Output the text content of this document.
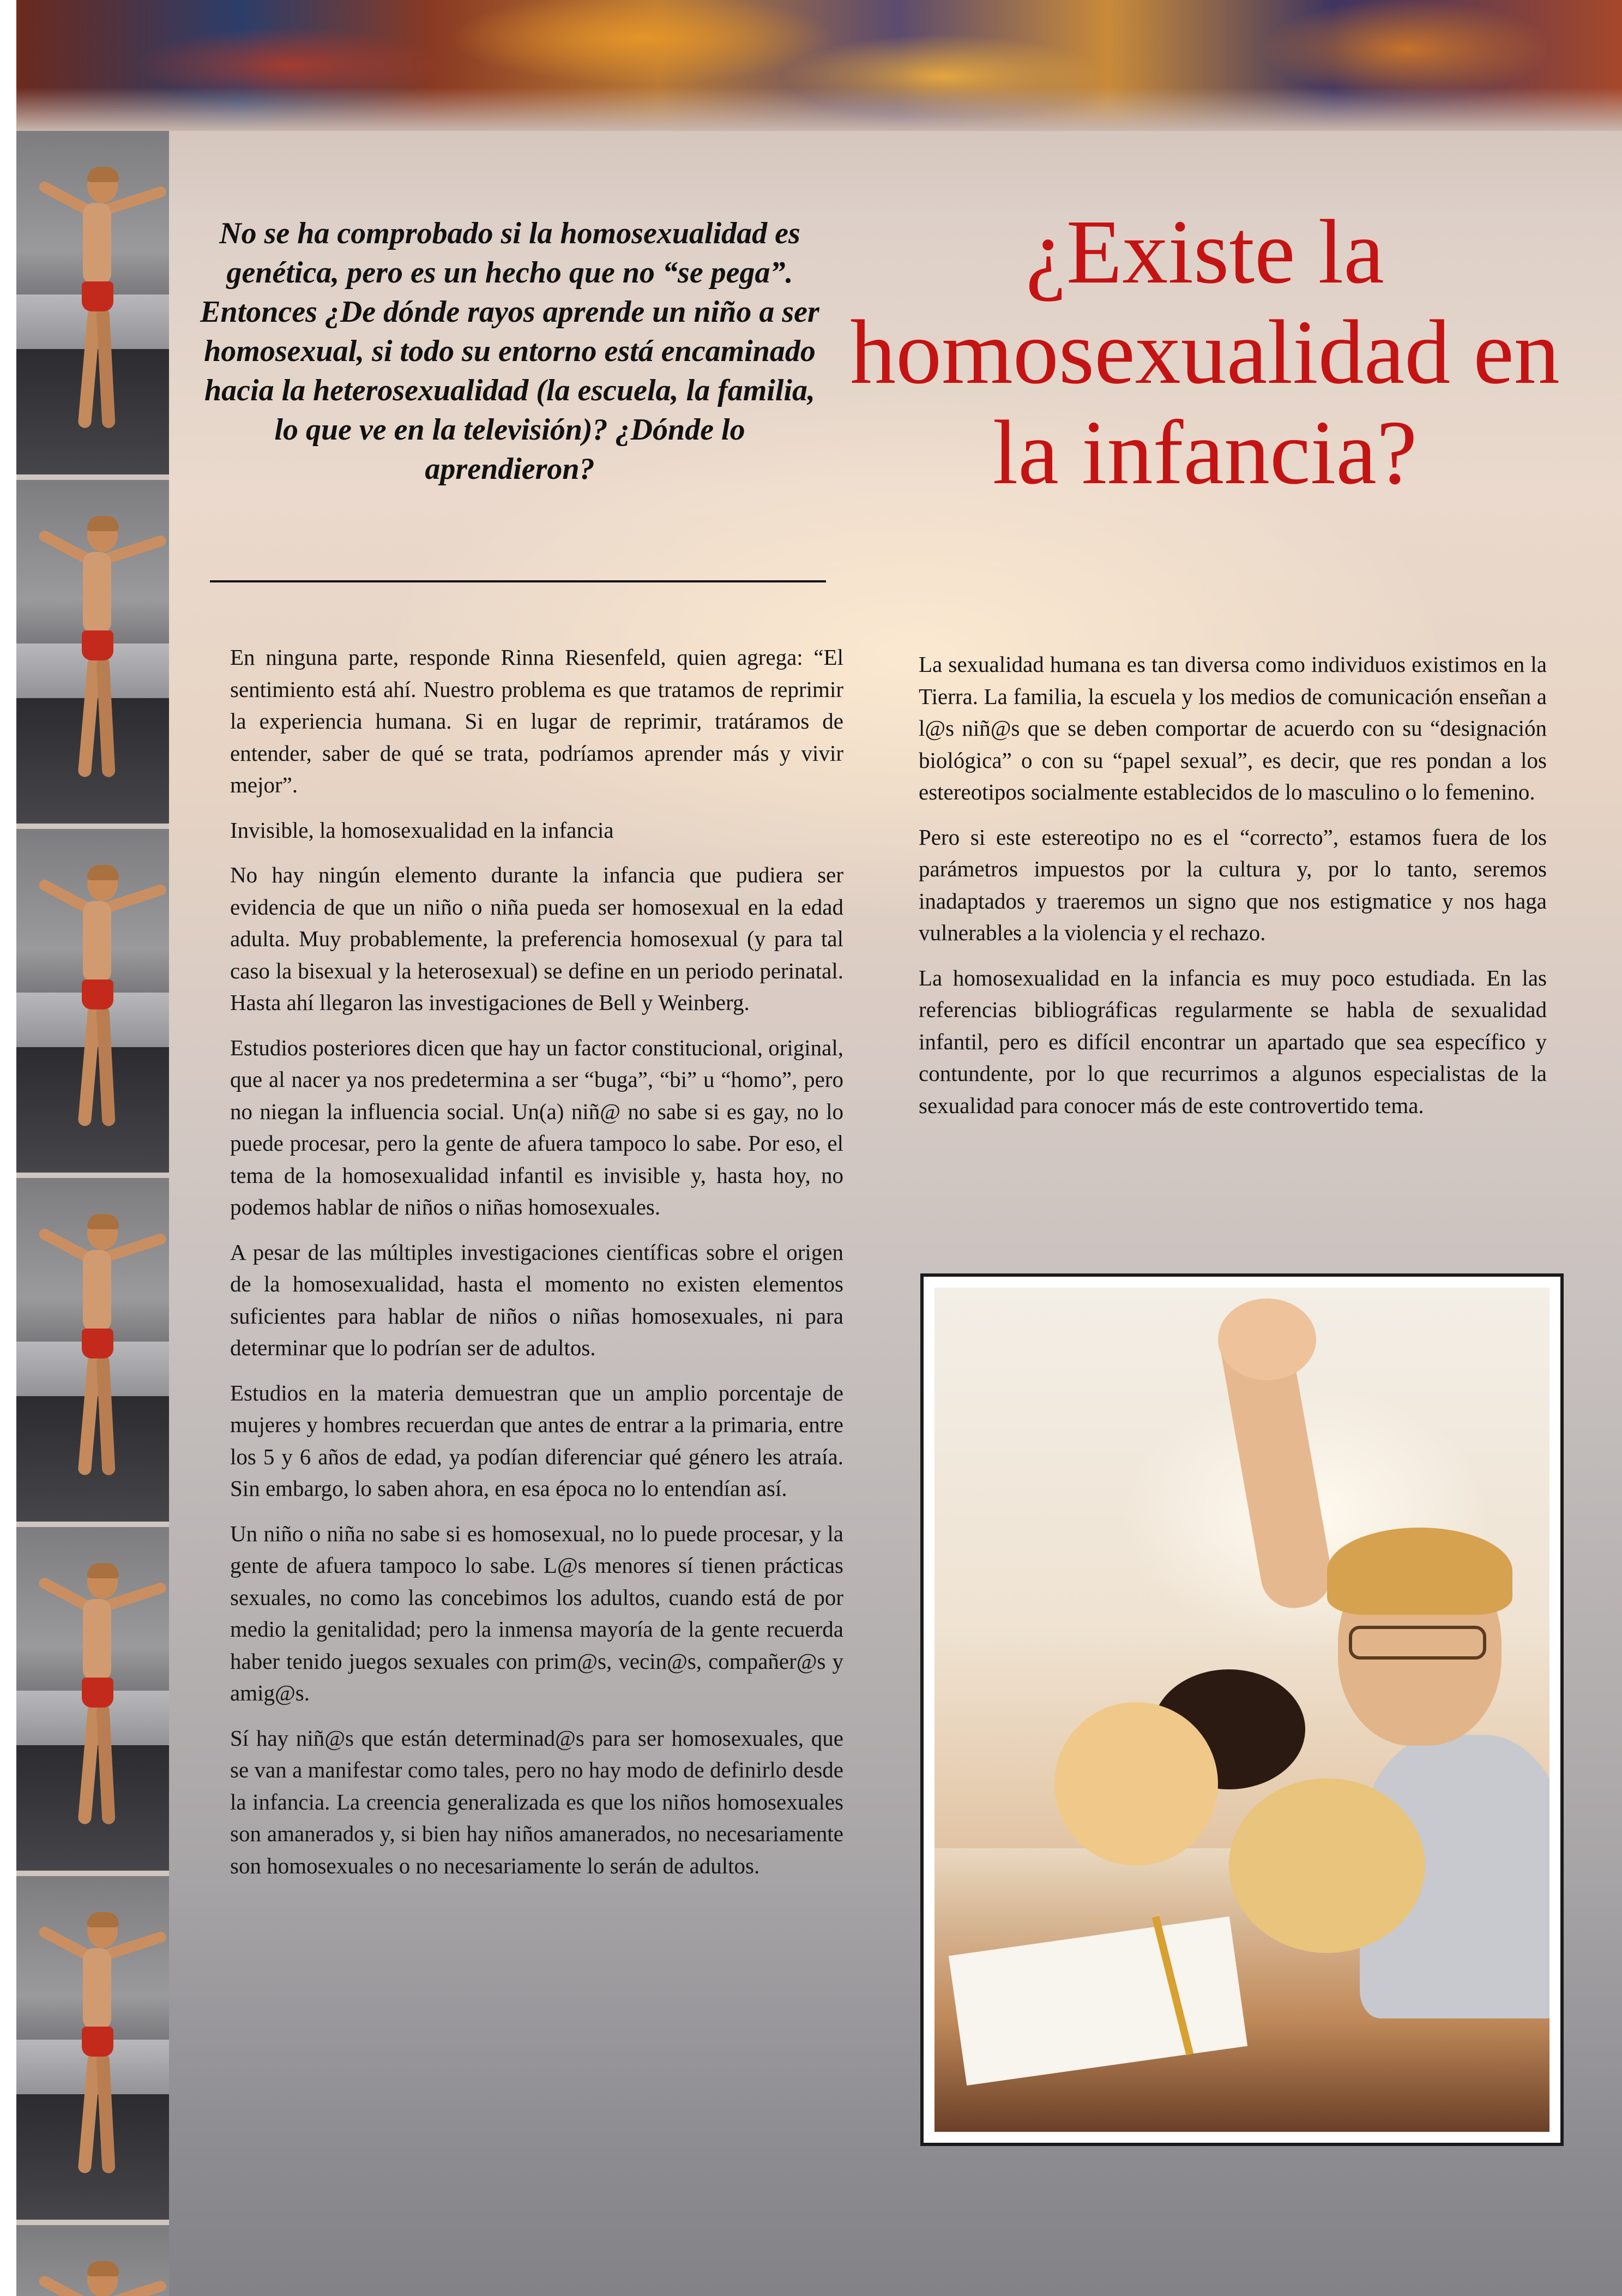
No se ha comprobado si la homosexualidad es genética, pero es un hecho que no “se pega”. Entonces ¿De dónde rayos aprende un niño a ser homosexual, si todo su entorno está encaminado hacia la heterosexualidad (la escuela, la familia, lo que ve en la televisión)? ¿Dónde lo aprendieron?

¿Existe la homosexualidad en la infancia?

En ninguna parte, responde Rinna Riesenfeld, quien agrega: “El sentimiento está ahí. Nuestro problema es que tratamos de reprimir la experiencia humana. Si en lugar de reprimir, tratáramos de entender, saber de qué se trata, podríamos aprender más y vivir mejor”.

Invisible, la homosexualidad en la infancia

No hay ningún elemento durante la infancia que pudiera ser evidencia de que un niño o niña pueda ser homosexual en la edad adulta. Muy probablemente, la preferencia homosexual (y para tal caso la bisexual y la heterosexual) se define en un periodo perinatal. Hasta ahí llegaron las investigaciones de Bell y Weinberg.

Estudios posteriores dicen que hay un factor constitucional, original, que al nacer ya nos predetermina a ser “buga”, “bi” u “homo”, pero no niegan la influencia social. Un(a) niñ@ no sabe si es gay, no lo puede procesar, pero la gente de afuera tampoco lo sabe. Por eso, el tema de la homosexualidad infantil es invisible y, hasta hoy, no podemos hablar de niños o niñas homosexuales.

A pesar de las múltiples investigaciones científicas sobre el origen de la homosexualidad, hasta el momento no existen elementos suficientes para hablar de niños o niñas homosexuales, ni para determinar que lo podrían ser de adultos.

Estudios en la materia demuestran que un amplio porcentaje de mujeres y hombres recuerdan que antes de entrar a la primaria, entre los 5 y 6 años de edad, ya podían diferenciar qué género les atraía. Sin embargo, lo saben ahora, en esa época no lo entendían así.

Un niño o niña no sabe si es homosexual, no lo puede procesar, y la gente de afuera tampoco lo sabe. L@s menores sí tienen prácticas sexuales, no como las concebimos los adultos, cuando está de por medio la genitalidad; pero la inmensa mayoría de la gente recuerda haber tenido juegos sexuales con prim@s, vecin@s, compañer@s y amig@s.

Sí hay niñ@s que están determinad@s para ser homosexuales, que se van a manifestar como tales, pero no hay modo de definirlo desde la infancia. La creencia generalizada es que los niños homosexuales son amanerados y, si bien hay niños amanerados, no necesariamente son homosexuales o no necesariamente lo serán de adultos.

La sexualidad humana es tan diversa como individuos existimos en la Tierra. La familia, la escuela y los medios de comunicación enseñan a l@s niñ@s que se deben comportar de acuerdo con su “designación biológica” o con su “papel sexual”, es decir, que res pondan a los estereotipos socialmente establecidos de lo masculino o lo femenino.

Pero si este estereotipo no es el “correcto”, estamos fuera de los parámetros impuestos por la cultura y, por lo tanto, seremos inadaptados y traeremos un signo que nos estigmatice y nos haga vulnerables a la violencia y el rechazo.

La homosexualidad en la infancia es muy poco estudiada. En las referencias bibliográficas regularmente se habla de sexualidad infantil, pero es difícil encontrar un apartado que sea específico y contundente, por lo que recurrimos a algunos especialistas de la sexualidad para conocer más de este controvertido tema.
